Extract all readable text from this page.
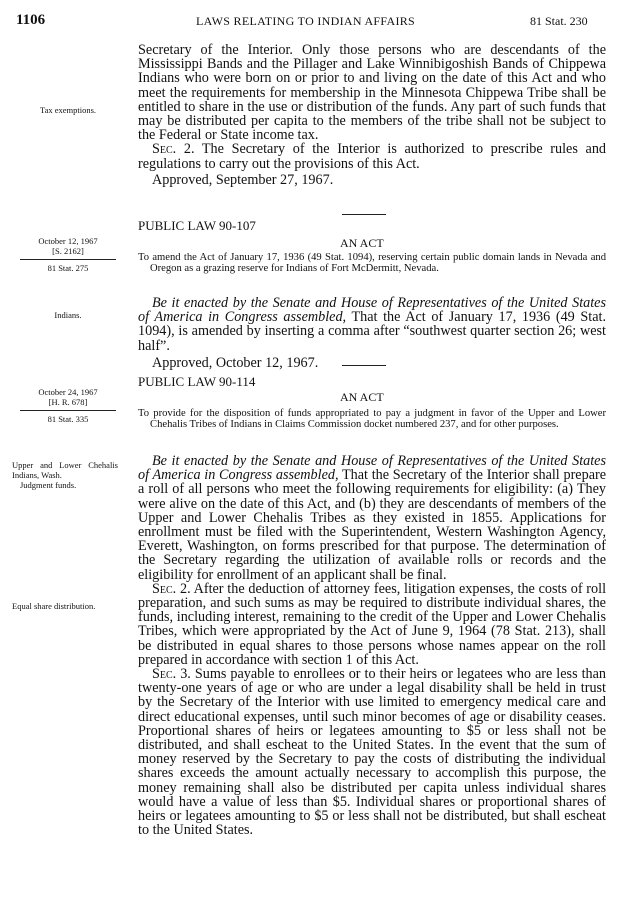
1106	LAWS RELATING TO INDIAN AFFAIRS	81 Stat. 230
Tax exemptions.
October 12, 1967
[S. 2162]
81 Stat. 275
Indians.
October 24, 1967
[H. R. 678]
81 Stat. 335
Upper and Lower Chehalis Indians, Wash.
Judgment funds.
Equal share distribution.

Secretary of the Interior. Only those persons who are descendants of the Mississippi Bands and the Pillager and Lake Winnibigoshish Bands of Chippewa Indians who were born on or prior to and living on the date of this Act and who meet the requirements for membership in the Minnesota Chippewa Tribe shall be entitled to share in the use or distribution of the funds. Any part of such funds that may be distributed per capita to the members of the tribe shall not be subject to the Federal or State income tax.

Sec. 2. The Secretary of the Interior is authorized to prescribe rules and regulations to carry out the provisions of this Act.

Approved, September 27, 1967.

PUBLIC LAW 90-107
AN ACT
To amend the Act of January 17, 1936 (49 Stat. 1094), reserving certain public domain lands in Nevada and Oregon as a grazing reserve for Indians of Fort McDermitt, Nevada.

Be it enacted by the Senate and House of Representatives of the United States of America in Congress assembled, That the Act of January 17, 1936 (49 Stat. 1094), is amended by inserting a comma after “southwest quarter section 26; west half”.

Approved, October 12, 1967.

PUBLIC LAW 90-114
AN ACT
To provide for the disposition of funds appropriated to pay a judgment in favor of the Upper and Lower Chehalis Tribes of Indians in Claims Commission docket numbered 237, and for other purposes.

Be it enacted by the Senate and House of Representatives of the United States of America in Congress assembled, That the Secretary of the Interior shall prepare a roll of all persons who meet the following requirements for eligibility: (a) They were alive on the date of this Act, and (b) they are descendants of members of the Upper and Lower Chehalis Tribes as they existed in 1855. Applications for enrollment must be filed with the Superintendent, Western Washington Agency, Everett, Washington, on forms prescribed for that purpose. The determination of the Secretary regarding the utilization of available rolls or records and the eligibility for enrollment of an applicant shall be final.

Sec. 2. After the deduction of attorney fees, litigation expenses, the costs of roll preparation, and such sums as may be required to distribute individual shares, the funds, including interest, remaining to the credit of the Upper and Lower Chehalis Tribes, which were appropriated by the Act of June 9, 1964 (78 Stat. 213), shall be distributed in equal shares to those persons whose names appear on the roll prepared in accordance with section 1 of this Act.

Sec. 3. Sums payable to enrollees or to their heirs or legatees who are less than twenty-one years of age or who are under a legal disability shall be held in trust by the Secretary of the Interior with use limited to emergency medical care and direct educational expenses, until such minor becomes of age or disability ceases. Proportional shares of heirs or legatees amounting to $5 or less shall not be distributed, and shall escheat to the United States. In the event that the sum of money reserved by the Secretary to pay the costs of distributing the individual shares exceeds the amount actually necessary to accomplish this purpose, the money remaining shall also be distributed per capita unless individual shares would have a value of less than $5. Individual shares or proportional shares of heirs or legatees amounting to $5 or less shall not be distributed, but shall escheat to the United States.
